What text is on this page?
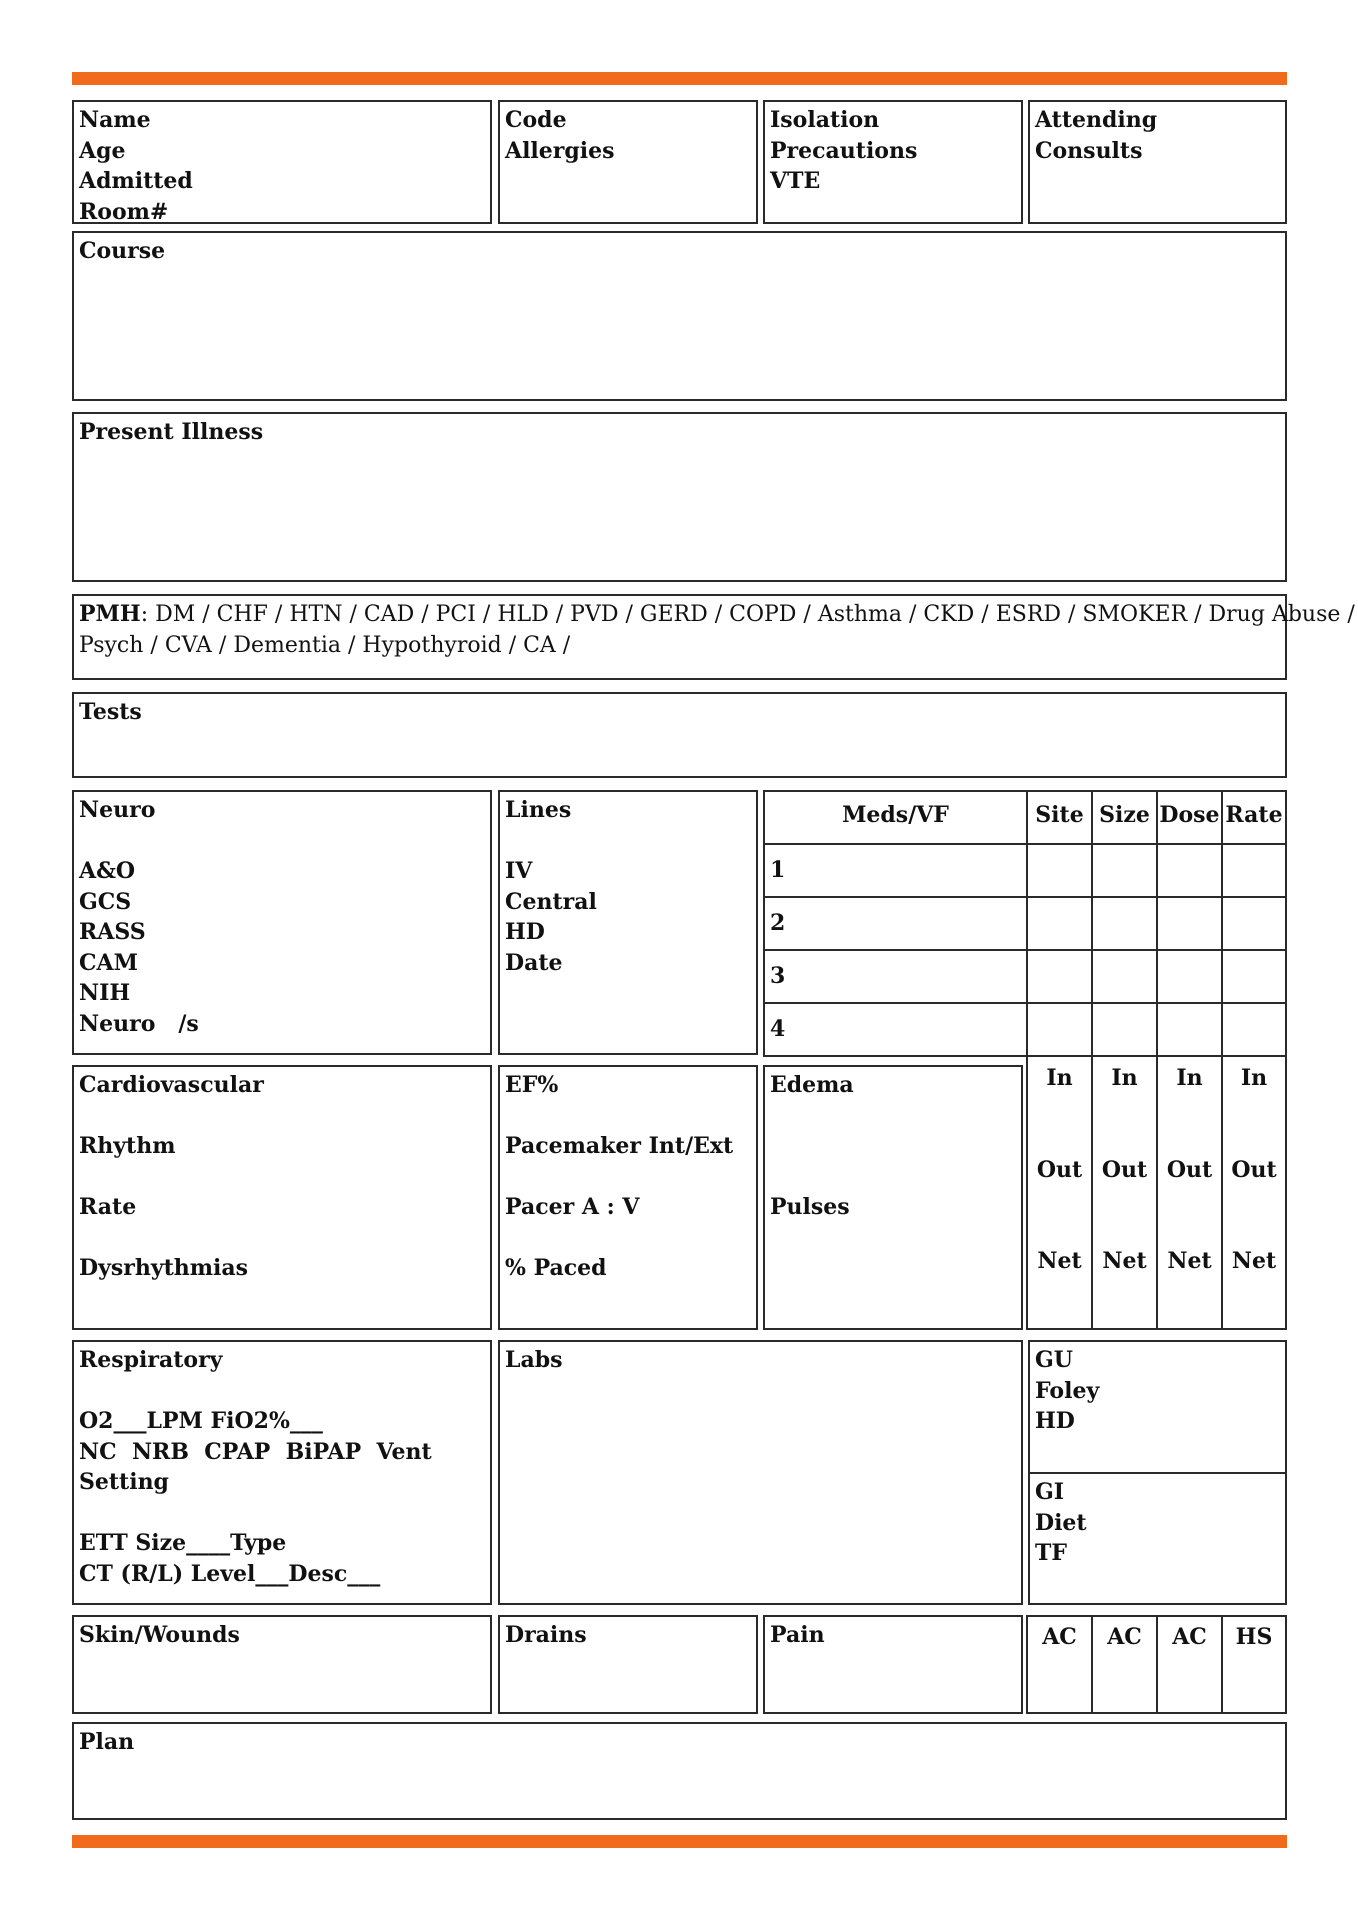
Name
Age
Admitted
Room#
Code
Allergies
Isolation
Precautions
VTE
Attending
Consults
Course
Present Illness
PMH: DM / CHF / HTN / CAD / PCI / HLD / PVD / GERD / COPD / Asthma / CKD / ESRD / SMOKER / Drug Abuse /
Psych / CVA / Dementia / Hypothyroid / CA /
Tests
Neuro
A&O
GCS
RASS
CAM
NIH
Neuro   /s
Lines
IV
Central
HD
Date
Meds/VF	Site Size Dose Rate
1
2
3
4
Cardiovascular
Rhythm
Rate
Dysrhythmias
EF%
Pacemaker Int/Ext
Pacer A : V
% Paced
Edema
Pulses
In
Out
Net
In
Out
Net
In
Out
Net
In
Out
Net
Respiratory
O2___LPM FiO2%___
NC  NRB  CPAP  BiPAP  Vent
Setting
ETT Size____Type
CT (R/L) Level___Desc___
Labs	GU
Foley
HD
GI
Diet
TF
Skin/Wounds	Drains	Pain	AC	AC	AC	HS
Plan
